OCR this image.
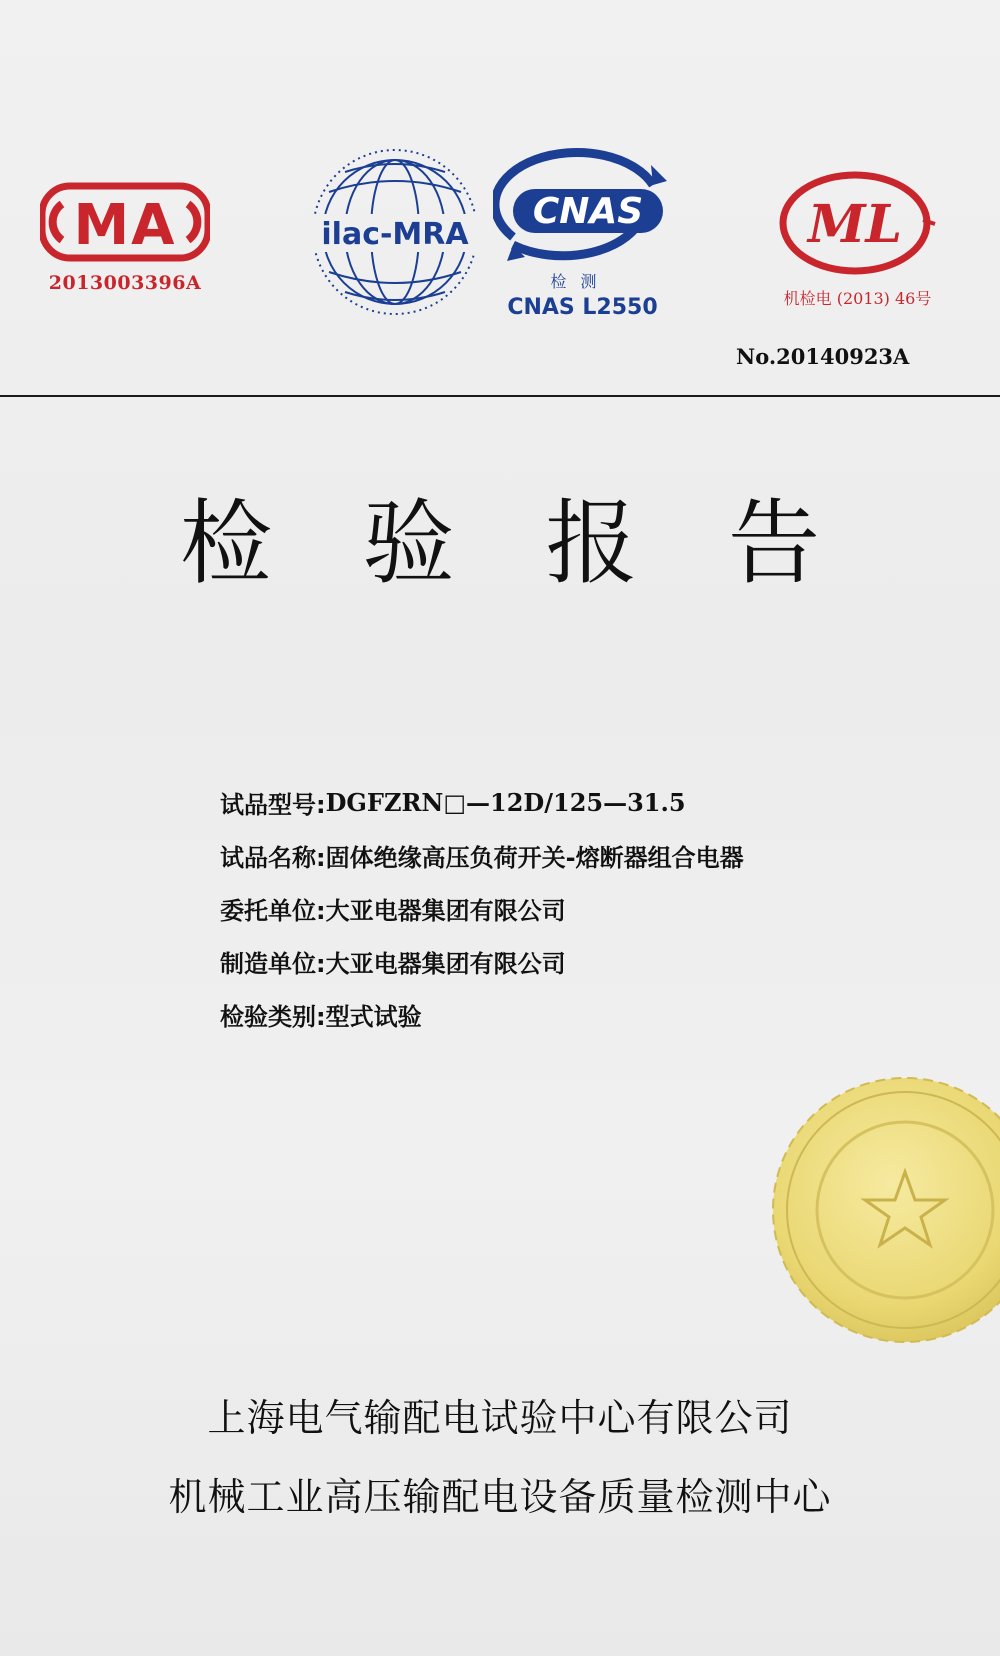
MA
2013003396A
ilac-MRA
CNAS
检测
CNAS L2550
ML
机检电 (2013) 46号
No.20140923A
检 验 报 告
试品型号: DGFZRN□—12D/125—31.5
试品名称: 固体绝缘高压负荷开关-熔断器组合电器
委托单位: 大亚电器集团有限公司
制造单位: 大亚电器集团有限公司
检验类别: 型式试验
上海电气输配电试验中心有限公司
机械工业高压输配电设备质量检测中心
